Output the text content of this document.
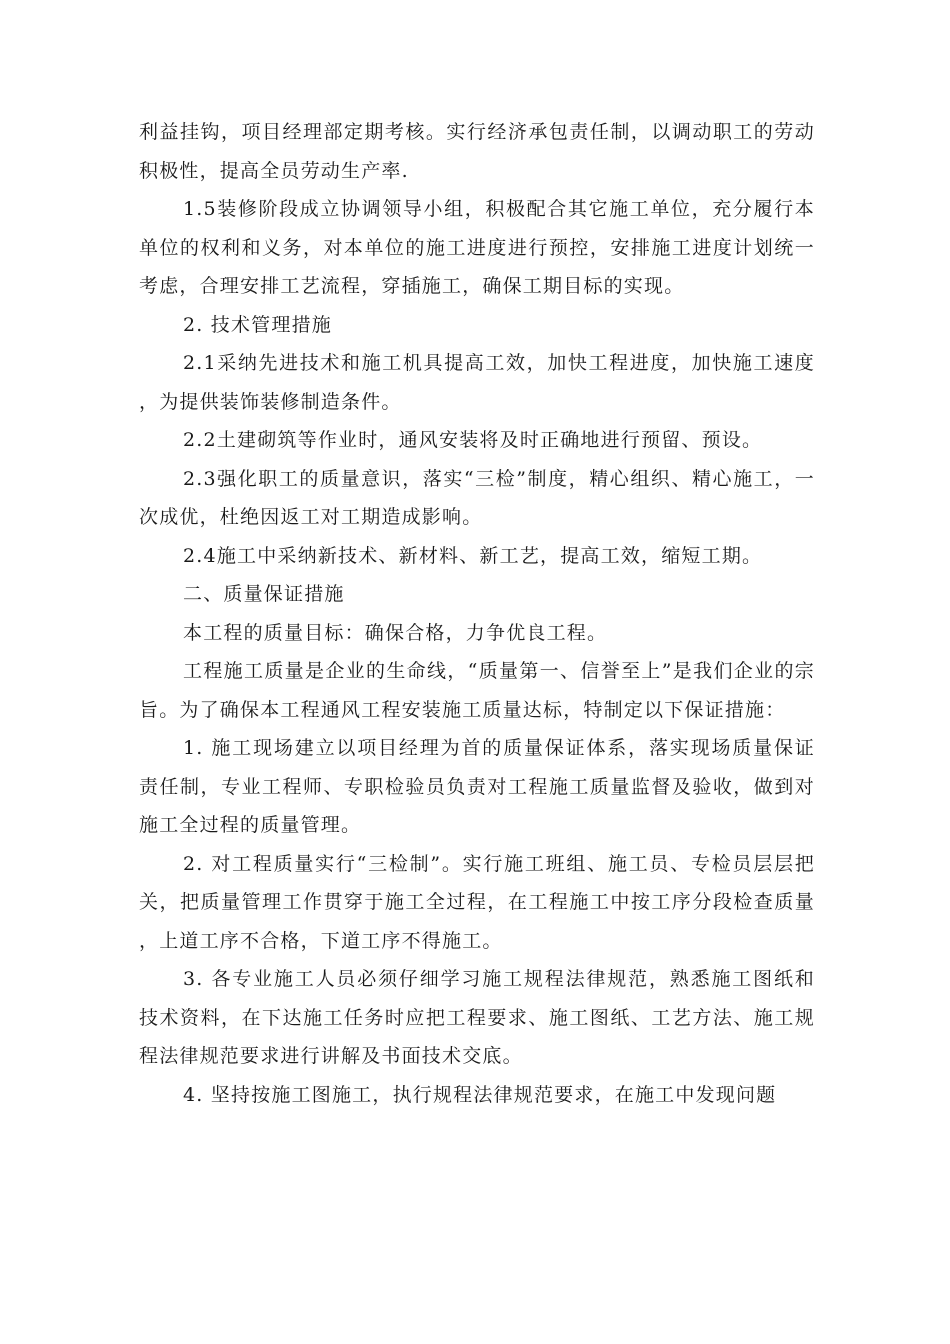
利益挂钩，项目经理部定期考核。实行经济承包责任制，以调动职工的劳动积极性，提高全员劳动生产率.

1.5装修阶段成立协调领导小组，积极配合其它施工单位，充分履行本单位的权利和义务，对本单位的施工进度进行预控，安排施工进度计划统一考虑，合理安排工艺流程，穿插施工，确保工期目标的实现。

2. 技术管理措施

2.1采纳先进技术和施工机具提高工效，加快工程进度，加快施工速度，为提供装饰装修制造条件。

2.2土建砌筑等作业时，通风安装将及时正确地进行预留、预设。

2.3强化职工的质量意识，落实“三检”制度，精心组织、精心施工，一次成优，杜绝因返工对工期造成影响。

2.4施工中采纳新技术、新材料、新工艺，提高工效，缩短工期。

二、质量保证措施

本工程的质量目标：确保合格，力争优良工程。

工程施工质量是企业的生命线，“质量第一、信誉至上”是我们企业的宗旨。为了确保本工程通风工程安装施工质量达标，特制定以下保证措施：

1. 施工现场建立以项目经理为首的质量保证体系，落实现场质量保证责任制，专业工程师、专职检验员负责对工程施工质量监督及验收，做到对施工全过程的质量管理。

2. 对工程质量实行“三检制”。实行施工班组、施工员、专检员层层把关，把质量管理工作贯穿于施工全过程，在工程施工中按工序分段检查质量，上道工序不合格，下道工序不得施工。

3. 各专业施工人员必须仔细学习施工规程法律规范，熟悉施工图纸和技术资料，在下达施工任务时应把工程要求、施工图纸、工艺方法、施工规程法律规范要求进行讲解及书面技术交底。

4. 坚持按施工图施工，执行规程法律规范要求，在施工中发现问题
